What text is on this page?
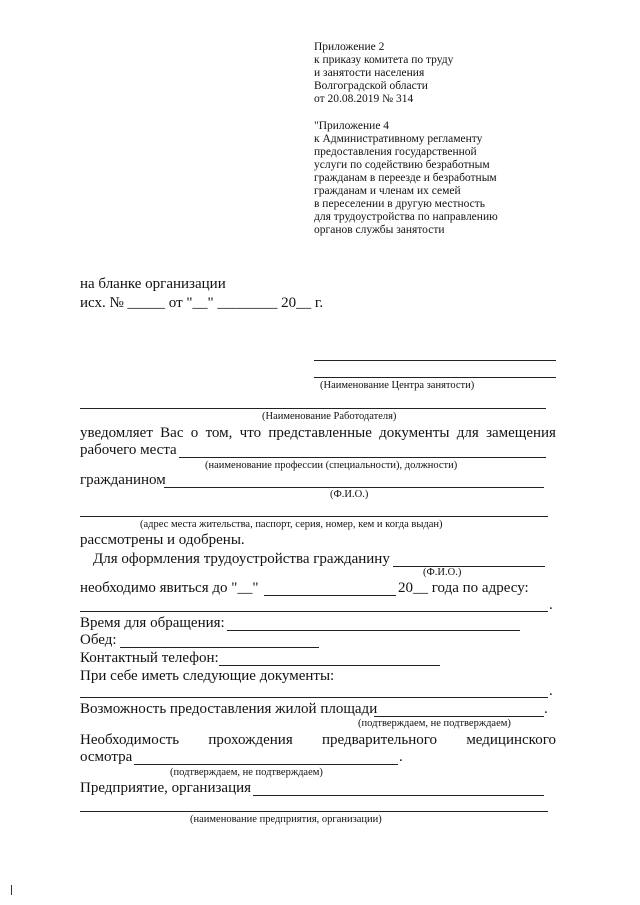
Приложение 2
к приказу комитета по труду
и занятости населения
Волгоградской области
от 20.08.2019 № 314
"Приложение 4
к Административному регламенту
предоставления государственной
услуги по содействию безработным
гражданам в переезде и безработным
гражданам и членам их семей
в переселении в другую местность
для трудоустройства по направлению
органов службы занятости
на бланке организации
исх. № _____ от "__" ________ 20__ г.
(Наименование Центра занятости)
(Наименование Работодателя)
уведомляет Вас о том, что представленные документы для замещения
рабочего места
(наименование профессии (специальности), должности)
гражданином
(Ф.И.О.)
(адрес места жительства, паспорт, серия, номер, кем и когда выдан)
рассмотрены и одобрены.
Для оформления трудоустройства гражданину
(Ф.И.О.)
необходимо явиться до "__"	20__ года по адресу:
.
Время для обращения:
Обед:
Контактный телефон:
При себе иметь следующие документы:
.
Возможность предоставления жилой площади	.
(подтверждаем, не подтверждаем)
Необходимость прохождения предварительного медицинского
осмотра	.
(подтверждаем, не подтверждаем)
Предприятие, организация
(наименование предприятия, организации)
